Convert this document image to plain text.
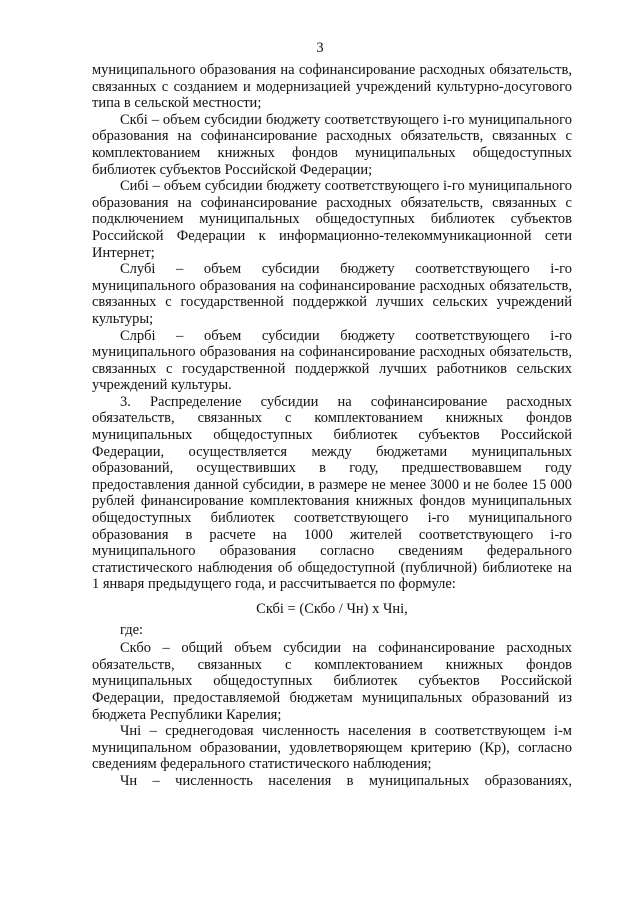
3

муниципального образования на софинансирование расходных обязательств, связанных с созданием и модернизацией учреждений культурно-досугового типа в сельской местности;

Скбi – объем субсидии бюджету соответствующего i-го муниципального образования на софинансирование расходных обязательств, связанных с комплектованием книжных фондов муниципальных общедоступных библиотек субъектов Российской Федерации;

Сибi – объем субсидии бюджету соответствующего i-го муниципального образования на софинансирование расходных обязательств, связанных с подключением муниципальных общедоступных библиотек субъектов Российской Федерации к информационно-телекоммуникационной сети Интернет;

Слубi – объем субсидии бюджету соответствующего i-го муниципального образования на софинансирование расходных обязательств, связанных с государственной поддержкой лучших сельских учреждений культуры;

Слрбi – объем субсидии бюджету соответствующего i-го муниципального образования на софинансирование расходных обязательств, связанных с государственной поддержкой лучших работников сельских учреждений культуры.

3. Распределение субсидии на софинансирование расходных обязательств, связанных с комплектованием книжных фондов муниципальных общедоступных библиотек субъектов Российской Федерации, осуществляется между бюджетами муниципальных образований, осуществивших в году, предшествовавшем году предоставления данной субсидии, в размере не менее 3000 и не более 15 000 рублей финансирование комплектования книжных фондов муниципальных общедоступных библиотек соответствующего i-го муниципального образования в расчете на 1000 жителей соответствующего i-го муниципального образования согласно сведениям федерального статистического наблюдения об общедоступной (публичной) библиотеке на 1 января предыдущего года, и рассчитывается по формуле:

Скбi = (Скбо / Чн) x Чнi,

где:

Скбо – общий объем субсидии на софинансирование расходных обязательств, связанных с комплектованием книжных фондов муниципальных общедоступных библиотек субъектов Российской Федерации, предоставляемой бюджетам муниципальных образований из бюджета Республики Карелия;

Чнi – среднегодовая численность населения в соответствующем i-м муниципальном образовании, удовлетворяющем критерию (Кр), согласно сведениям федерального статистического наблюдения;

Чн – численность населения в муниципальных образованиях,
